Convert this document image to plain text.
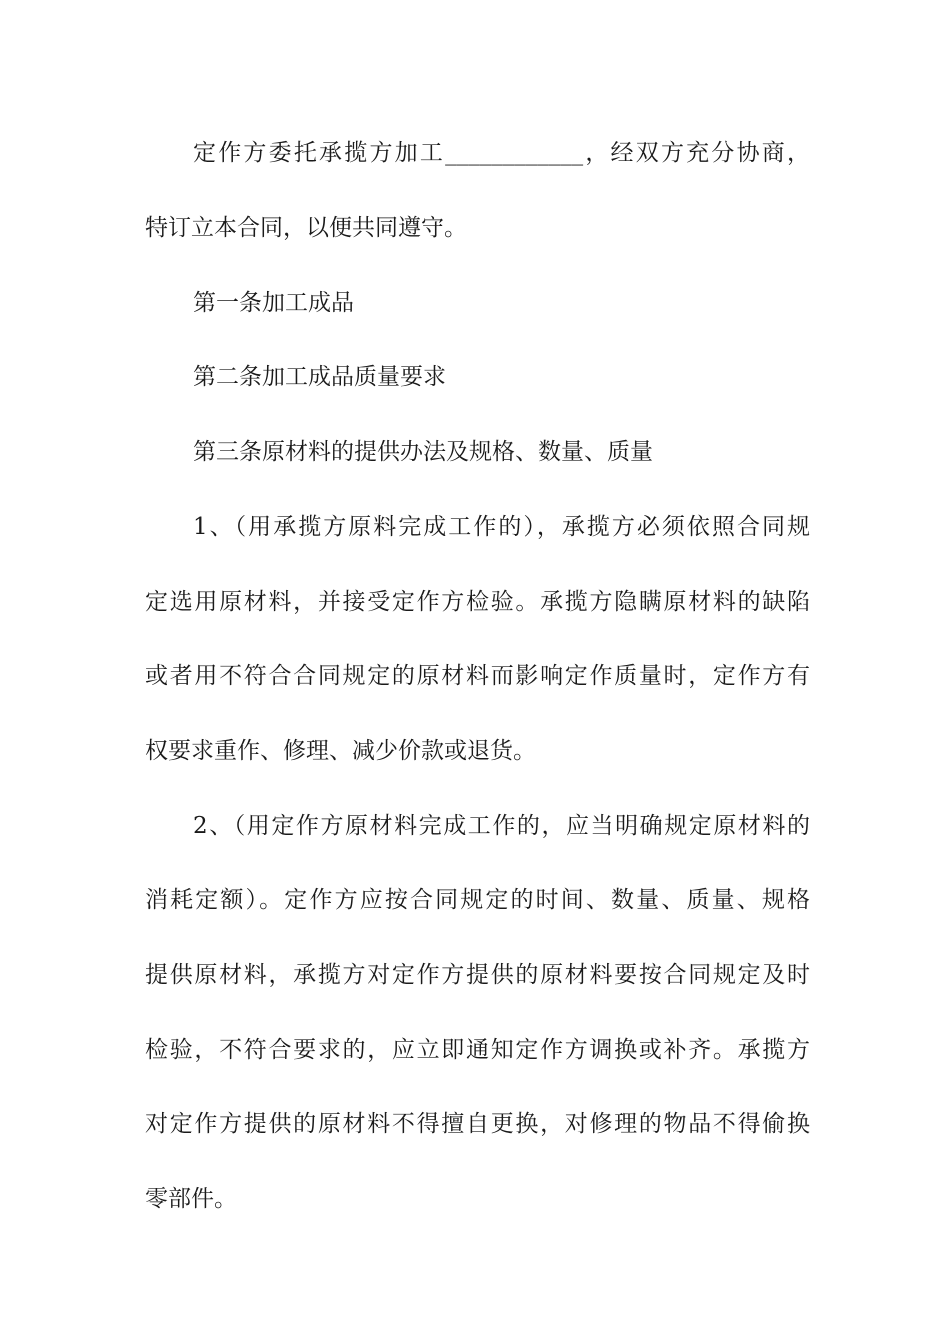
定作方委托承揽方加工____________，经双方充分协商，

特订立本合同，以便共同遵守。

第一条加工成品

第二条加工成品质量要求

第三条原材料的提供办法及规格、数量、质量

1、（用承揽方原料完成工作的），承揽方必须依照合同规

定选用原材料，并接受定作方检验。承揽方隐瞒原材料的缺陷

或者用不符合合同规定的原材料而影响定作质量时，定作方有

权要求重作、修理、减少价款或退货。

2、（用定作方原材料完成工作的，应当明确规定原材料的

消耗定额）。定作方应按合同规定的时间、数量、质量、规格

提供原材料，承揽方对定作方提供的原材料要按合同规定及时

检验，不符合要求的，应立即通知定作方调换或补齐。承揽方

对定作方提供的原材料不得擅自更换，对修理的物品不得偷换

零部件。
